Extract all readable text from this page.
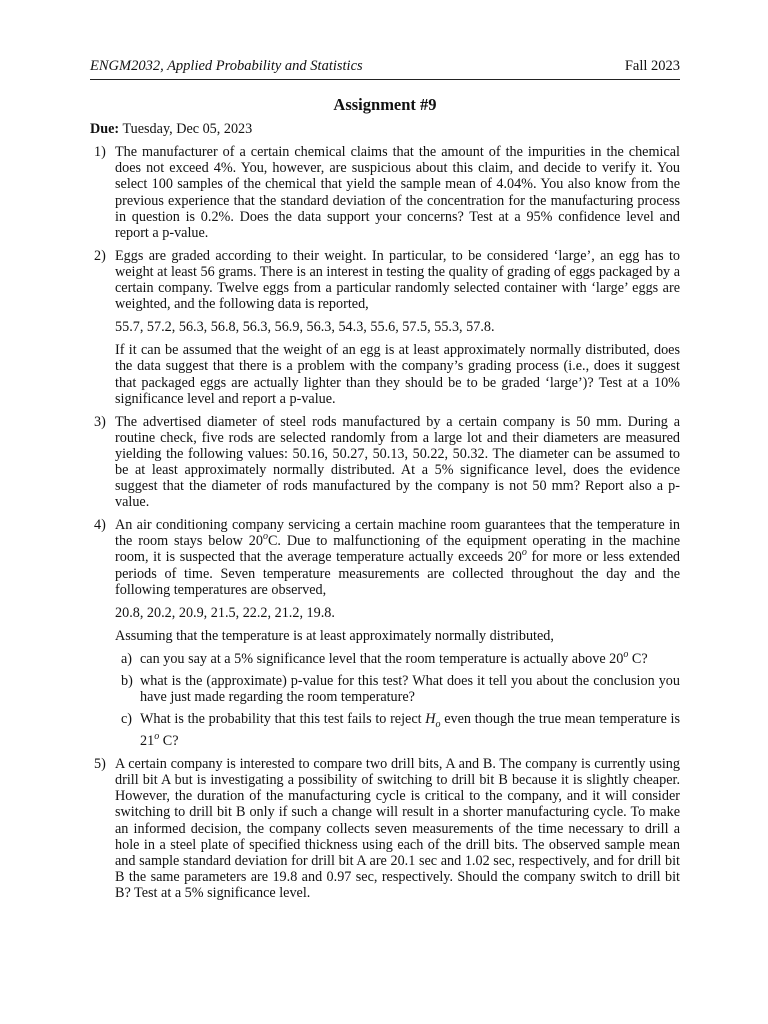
ENGM2032, Applied Probability and Statistics	Fall 2023
Assignment #9
Due: Tuesday, Dec 05, 2023
1) The manufacturer of a certain chemical claims that the amount of the impurities in the chemical does not exceed 4%. You, however, are suspicious about this claim, and decide to verify it. You select 100 samples of the chemical that yield the sample mean of 4.04%. You also know from the previous experience that the standard deviation of the concentration for the manufacturing process in question is 0.2%. Does the data support your concerns? Test at a 95% confidence level and report a p-value.

2) Eggs are graded according to their weight. In particular, to be considered ‘large’, an egg has to weight at least 56 grams. There is an interest in testing the quality of grading of eggs packaged by a certain company. Twelve eggs from a particular randomly selected container with ‘large’ eggs are weighted, and the following data is reported,

55.7, 57.2, 56.3, 56.8, 56.3, 56.9, 56.3, 54.3, 55.6, 57.5, 55.3, 57.8.

If it can be assumed that the weight of an egg is at least approximately normally distributed, does the data suggest that there is a problem with the company’s grading process (i.e., does it suggest that packaged eggs are actually lighter than they should be to be graded ‘large’)? Test at a 10% significance level and report a p-value.

3) The advertised diameter of steel rods manufactured by a certain company is 50 mm. During a routine check, five rods are selected randomly from a large lot and their diameters are measured yielding the following values: 50.16, 50.27, 50.13, 50.22, 50.32. The diameter can be assumed to be at least approximately normally distributed. At a 5% significance level, does the evidence suggest that the diameter of rods manufactured by the company is not 50 mm? Report also a p-value.

4) An air conditioning company servicing a certain machine room guarantees that the temperature in the room stays below 20$^o$C. Due to malfunctioning of the equipment operating in the machine room, it is suspected that the average temperature actually exceeds 20$^o$ for more or less extended periods of time. Seven temperature measurements are collected throughout the day and the following temperatures are observed,

20.8, 20.2, 20.9, 21.5, 22.2, 21.2, 19.8.

Assuming that the temperature is at least approximately normally distributed,

a) can you say at a 5% significance level that the room temperature is actually above 20$^o$ C?
b) what is the (approximate) p-value for this test? What does it tell you about the conclusion you have just made regarding the room temperature?
c) What is the probability that this test fails to reject $H_o$ even though the true mean temperature is 21$^o$ C?
5) A certain company is interested to compare two drill bits, A and B. The company is currently using drill bit A but is investigating a possibility of switching to drill bit B because it is slightly cheaper. However, the duration of the manufacturing cycle is critical to the company, and it will consider switching to drill bit B only if such a change will result in a shorter manufacturing cycle. To make an informed decision, the company collects seven measurements of the time necessary to drill a hole in a steel plate of specified thickness using each of the drill bits. The observed sample mean and sample standard deviation for drill bit A are 20.1 sec and 1.02 sec, respectively, and for drill bit B the same parameters are 19.8 and 0.97 sec, respectively. Should the company switch to drill bit B? Test at a 5% significance level.
